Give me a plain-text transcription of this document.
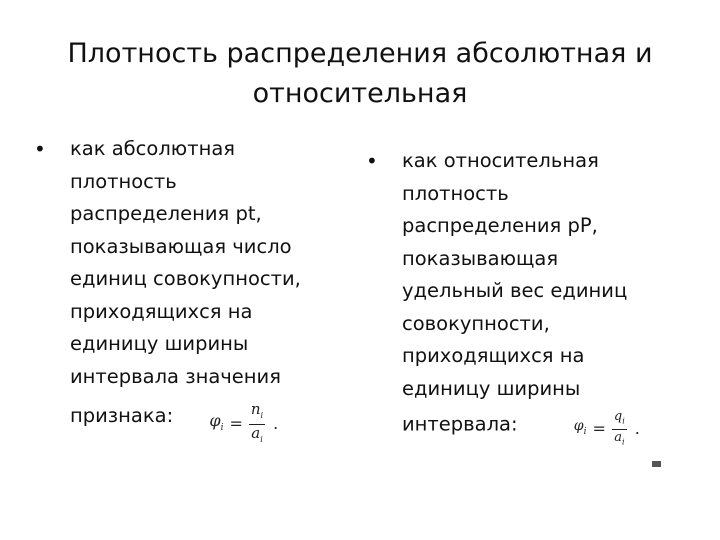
Плотность распределения абсолютная и
относительная
•	как абсолютная
плотность
распределения pt,
показывающая число
единиц совокупности,
приходящихся на
единицу ширины
интервала значения
признака: $\varphi_i = \frac{n_i}{a_i}$ .
•	как относительная
плотность
распределения pP,
показывающая
удельный вес единиц
совокупности,
приходящихся на
единицу ширины
интервала:	$\varphi_i = \frac{q_i}{a_i}$ .
